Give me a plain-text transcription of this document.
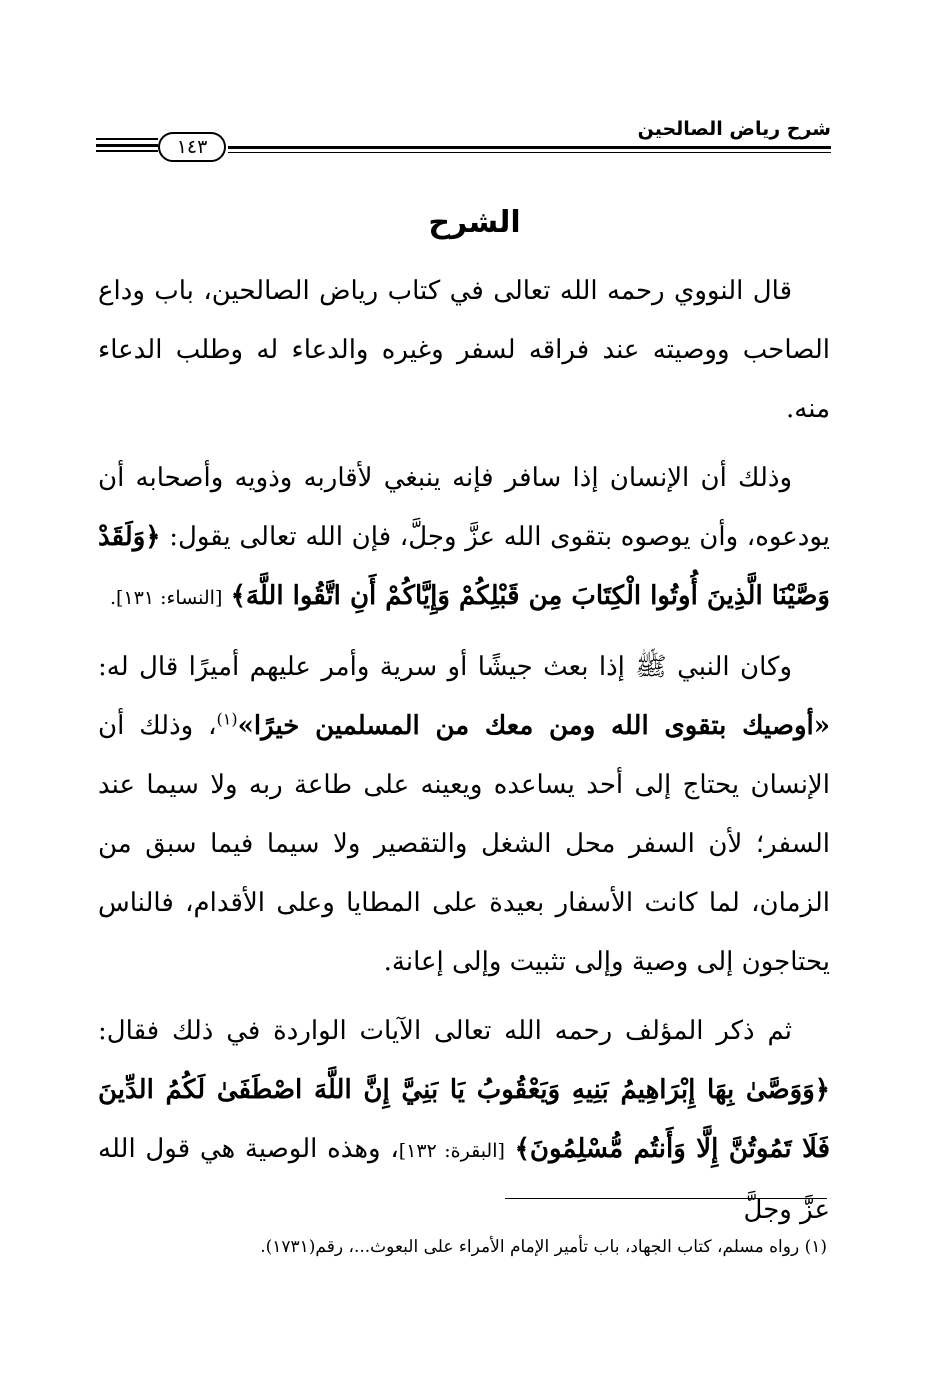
شرح رياض الصالحين
١٤٣
الشرح

قال النووي رحمه الله تعالى في كتاب رياض الصالحين، باب وداع الصاحب ووصيته عند فراقه لسفر وغيره والدعاء له وطلب الدعاء منه.

وذلك أن الإنسان إذا سافر فإنه ينبغي لأقاربه وذويه وأصحابه أن يودعوه، وأن يوصوه بتقوى الله عزَّ وجلَّ، فإن الله تعالى يقول: ﴿وَلَقَدْ وَصَّيْنَا الَّذِينَ أُوتُوا الْكِتَابَ مِن قَبْلِكُمْ وَإِيَّاكُمْ أَنِ اتَّقُوا اللَّهَ﴾ [النساء: ١٣١].

وكان النبي ﷺ إذا بعث جيشًا أو سرية وأمر عليهم أميرًا قال له: «أوصيك بتقوى الله ومن معك من المسلمين خيرًا»$^{(١)}$، وذلك أن الإنسان يحتاج إلى أحد يساعده ويعينه على طاعة ربه ولا سيما عند السفر؛ لأن السفر محل الشغل والتقصير ولا سيما فيما سبق من الزمان، لما كانت الأسفار بعيدة على المطايا وعلى الأقدام، فالناس يحتاجون إلى وصية وإلى تثبيت وإلى إعانة.

ثم ذكر المؤلف رحمه الله تعالى الآيات الواردة في ذلك فقال: ﴿وَوَصَّىٰ بِهَا إِبْرَاهِيمُ بَنِيهِ وَيَعْقُوبُ يَا بَنِيَّ إِنَّ اللَّهَ اصْطَفَىٰ لَكُمُ الدِّينَ فَلَا تَمُوتُنَّ إِلَّا وَأَنتُم مُّسْلِمُونَ﴾ [البقرة: ١٣٢]، وهذه الوصية هي قول الله عزَّ وجلَّ

(١) رواه مسلم، كتاب الجهاد، باب تأمير الإمام الأمراء على البعوث...، رقم(١٧٣١).
